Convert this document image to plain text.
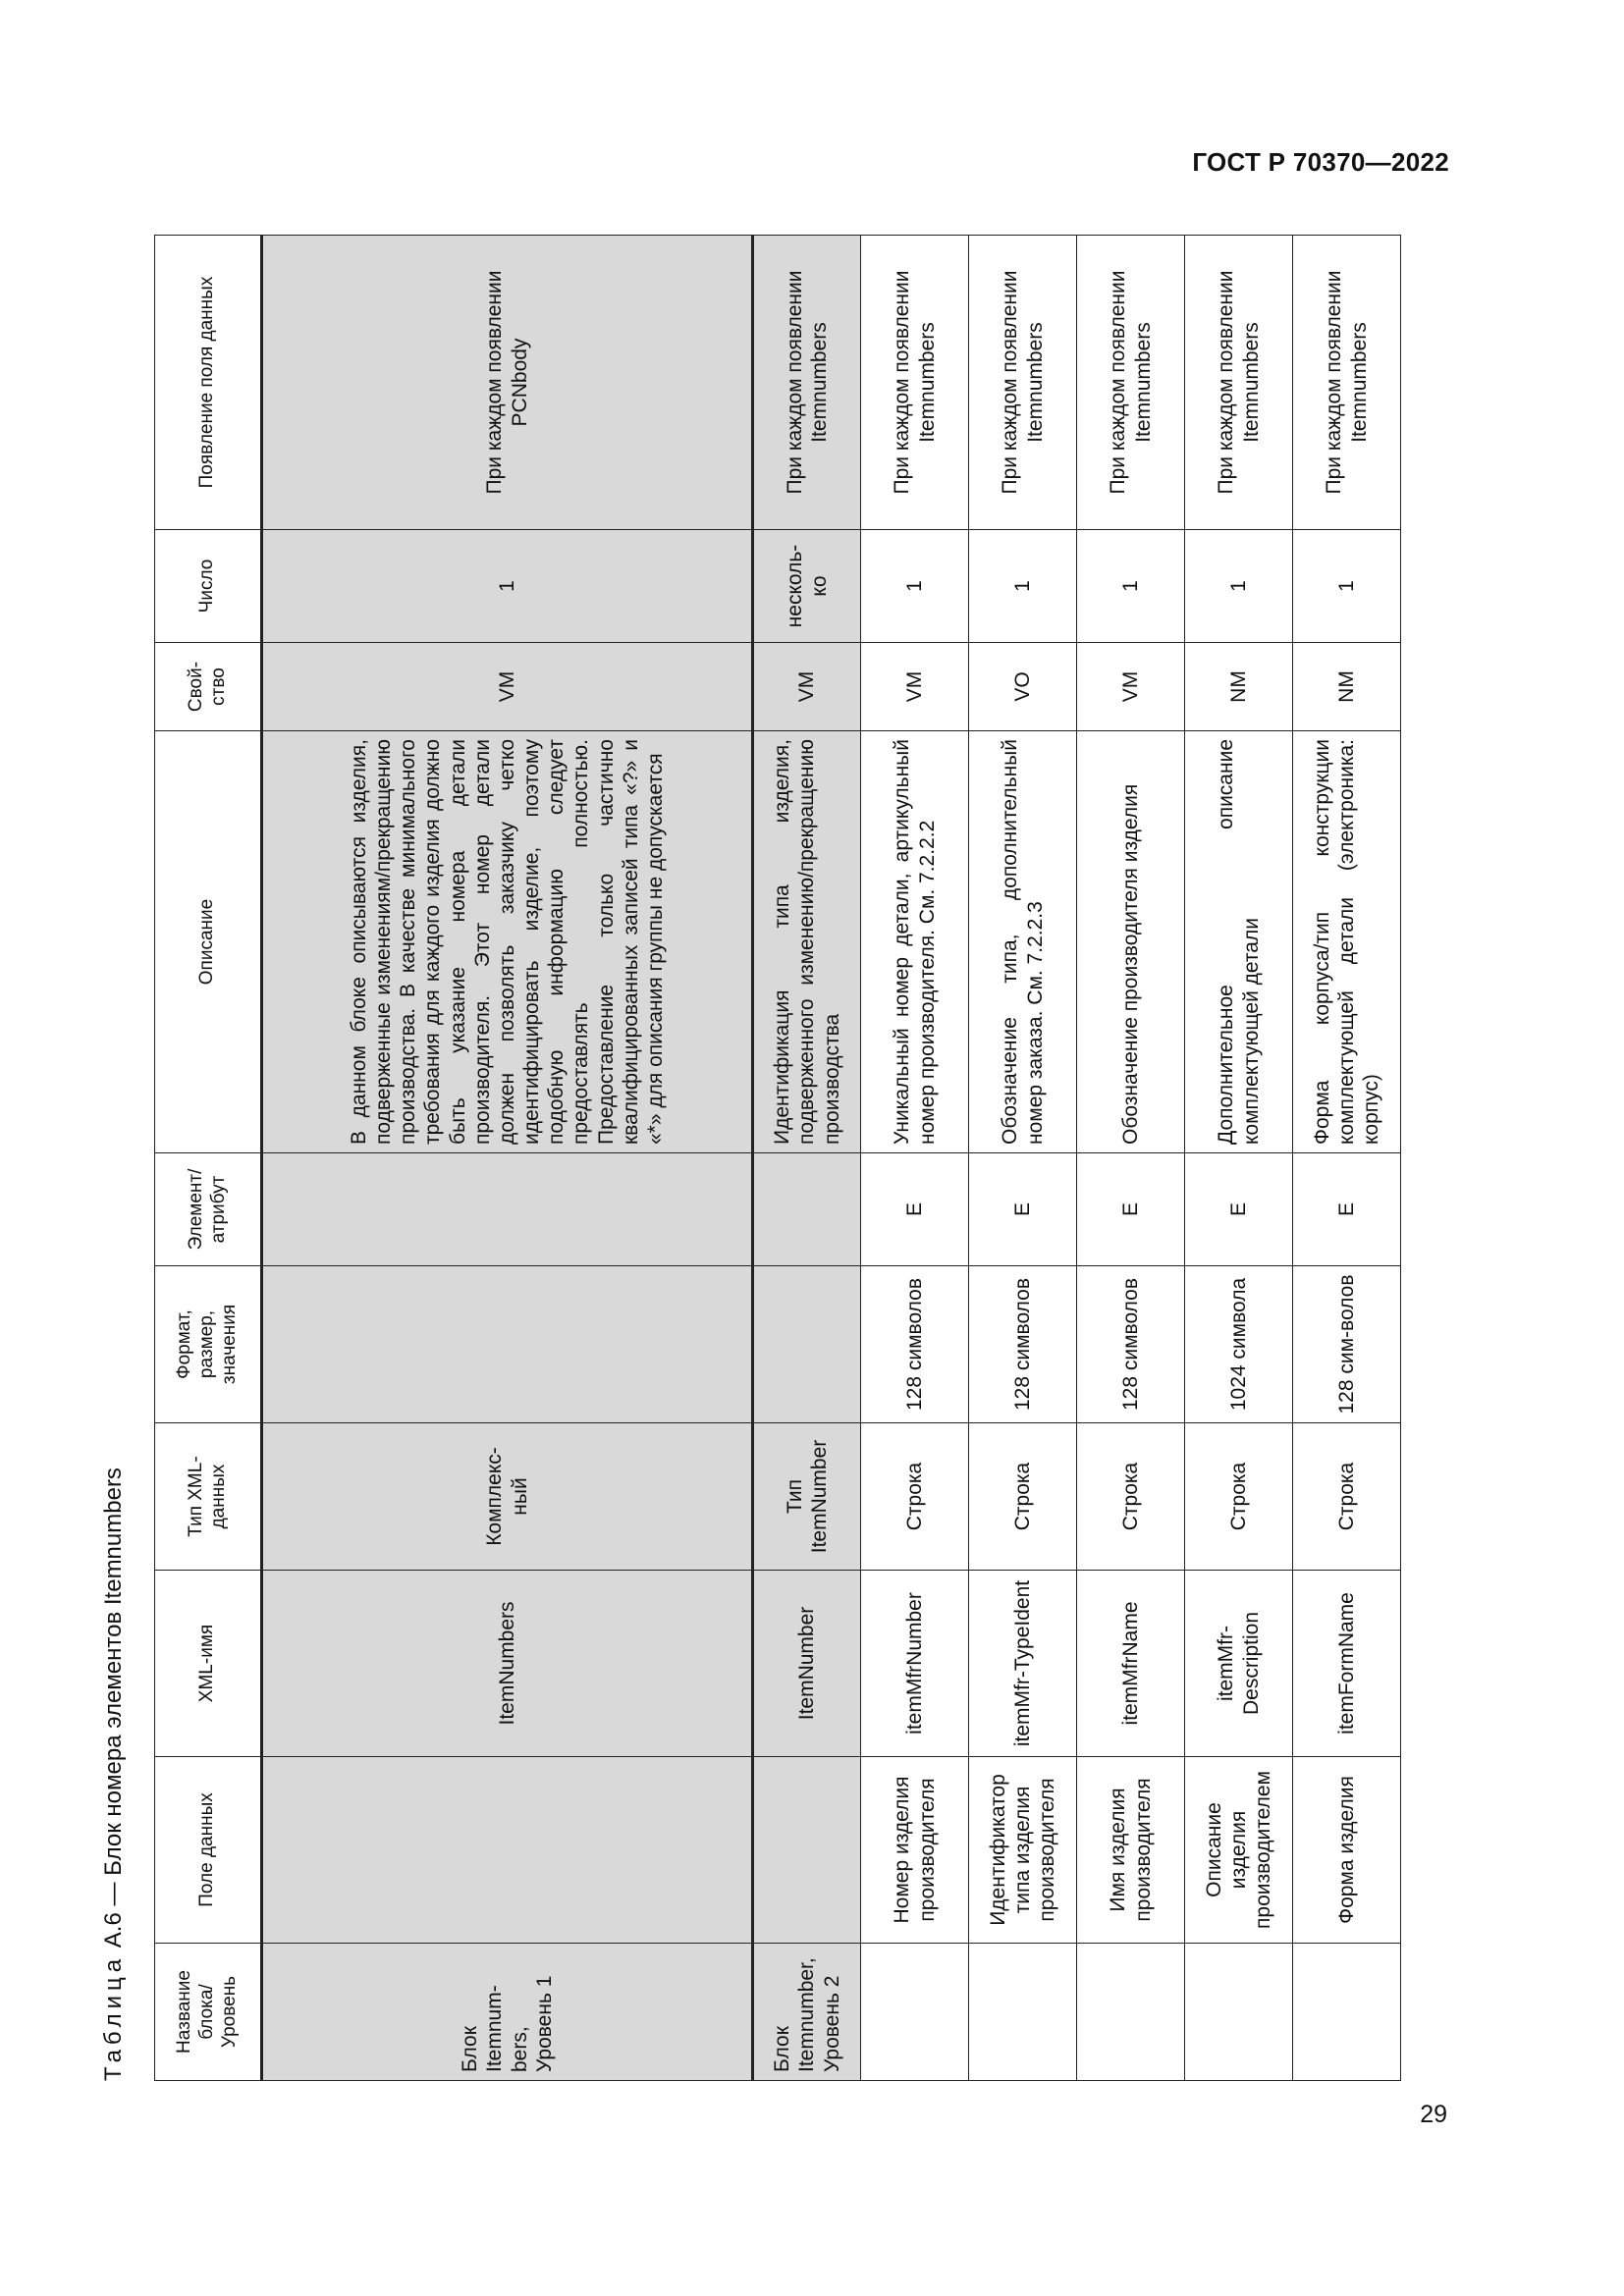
ГОСТ Р 70370—2022
Таблица А.6 — Блок номера элементов Itemnumbers
Название блока/ Уровень	Поле данных	XML-имя	Тип XML-данных	Формат, размер, значения	Элемент/ атрибут	Описание	Свой-ство	Число	Появление поля данных
Блок Itemnum-bers, Уровень 1		ItemNumbers	Комплекс-ный			В данном блоке описываются изделия, подверженные изменениям/прекращению производства. В качестве минимального требования для каждого изделия должно быть указание номера детали производителя. Этот номер детали должен позволять заказчику четко идентифицировать изделие, поэтому подобную информацию следует предоставлять полностью. Предоставление только частично квалифицированных записей типа «?» и «*» для описания группы не допускается	VM	1	При каждом появлении PCNbody
Блок Itemnumber, Уровень 2		ItemNumber	Тип ItemNumber			Идентификация типа изделия, подверженного изменению/прекращению производства	VM	несколь-ко	При каждом появлении Itemnumbers
	Номер изделия производителя	itemMfrNumber	Строка	128 символов	E	Уникальный номер детали, артикульный номер производителя. См. 7.2.2.2	VM	1	При каждом появлении Itemnumbers
	Идентификатор типа изделия производителя	itemMfr-TypeIdent	Строка	128 символов	E	Обозначение типа, дополнительный номер заказа. См. 7.2.2.3	VO	1	При каждом появлении Itemnumbers
	Имя изделия производителя	itemMfrName	Строка	128 символов	E	Обозначение производителя изделия	VM	1	При каждом появлении Itemnumbers
	Описание изделия производителем	itemMfr-Description	Строка	1024 символа	E	Дополнительное описание комплектующей детали	NM	1	При каждом появлении Itemnumbers
	Форма изделия	itemFormName	Строка	128 сим-волов	E	Форма корпуса/тип конструкции комплектующей детали (электроника: корпус)	NM	1	При каждом появлении Itemnumbers
29
